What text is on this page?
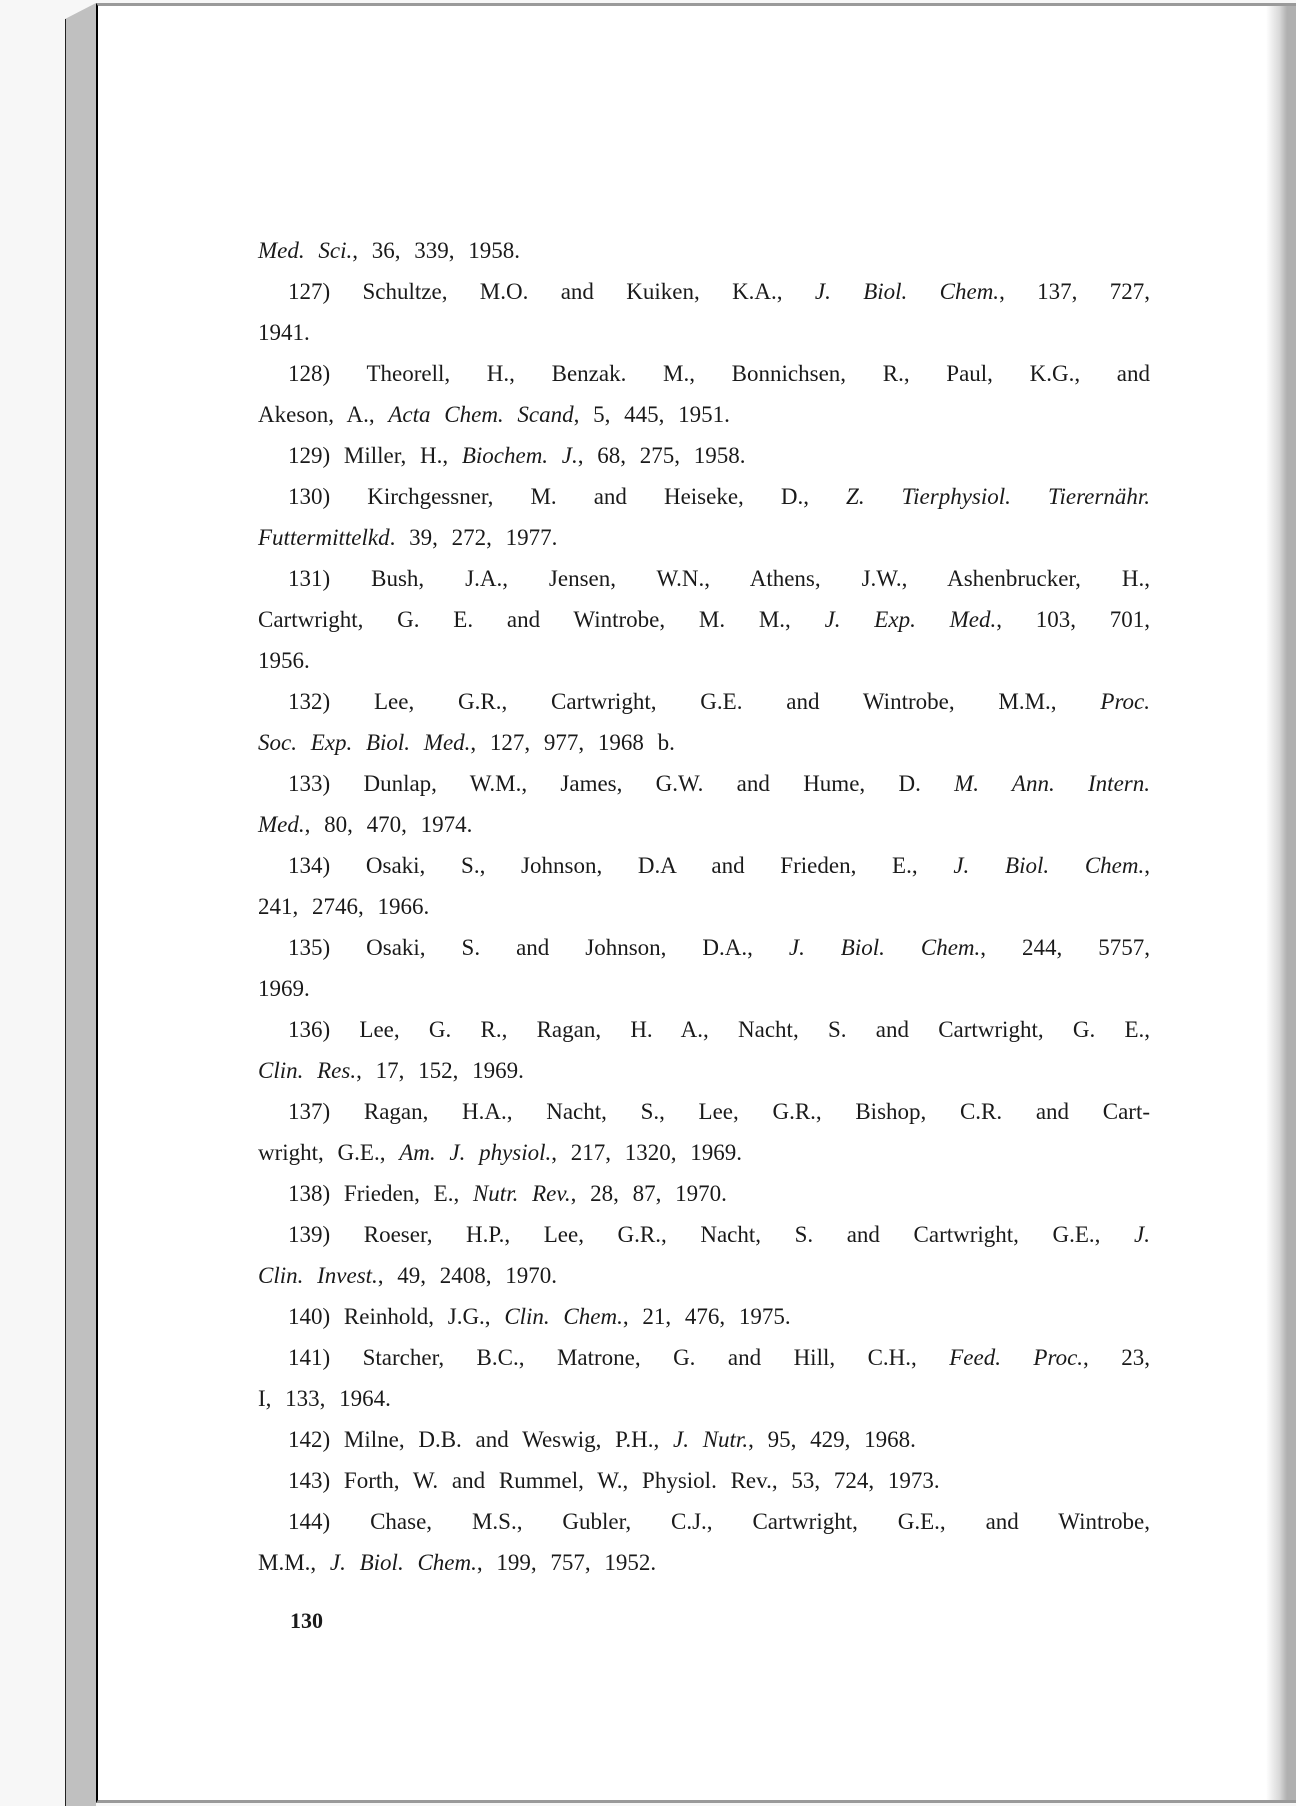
Med. Sci., 36, 339, 1958.
127) Schultze, M.O. and Kuiken, K.A., J. Biol. Chem., 137, 727,
1941.
128) Theorell, H., Benzak. M., Bonnichsen, R., Paul, K.G., and
Akeson, A., Acta Chem. Scand, 5, 445, 1951.
129) Miller, H., Biochem. J., 68, 275, 1958.
130) Kirchgessner, M. and Heiseke, D., Z. Tierphysiol. Tierernähr.
Futtermittelkd. 39, 272, 1977.
131) Bush, J.A., Jensen, W.N., Athens, J.W., Ashenbrucker, H.,
Cartwright, G. E. and Wintrobe, M. M., J. Exp. Med., 103, 701,
1956.
132) Lee, G.R., Cartwright, G.E. and Wintrobe, M.M., Proc.
Soc. Exp. Biol. Med., 127, 977, 1968 b.
133) Dunlap, W.M., James, G.W. and Hume, D. M. Ann. Intern.
Med., 80, 470, 1974.
134) Osaki, S., Johnson, D.A and Frieden, E., J. Biol. Chem.,
241, 2746, 1966.
135) Osaki, S. and Johnson, D.A., J. Biol. Chem., 244, 5757,
1969.
136) Lee, G. R., Ragan, H. A., Nacht, S. and Cartwright, G. E.,
Clin. Res., 17, 152, 1969.
137) Ragan, H.A., Nacht, S., Lee, G.R., Bishop, C.R. and Cart-
wright, G.E., Am. J. physiol., 217, 1320, 1969.
138) Frieden, E., Nutr. Rev., 28, 87, 1970.
139) Roeser, H.P., Lee, G.R., Nacht, S. and Cartwright, G.E., J.
Clin. Invest., 49, 2408, 1970.
140) Reinhold, J.G., Clin. Chem., 21, 476, 1975.
141) Starcher, B.C., Matrone, G. and Hill, C.H., Feed. Proc., 23,
I, 133, 1964.
142) Milne, D.B. and Weswig, P.H., J. Nutr., 95, 429, 1968.
143) Forth, W. and Rummel, W., Physiol. Rev., 53, 724, 1973.
144) Chase, M.S., Gubler, C.J., Cartwright, G.E., and Wintrobe,
M.M., J. Biol. Chem., 199, 757, 1952.
130
